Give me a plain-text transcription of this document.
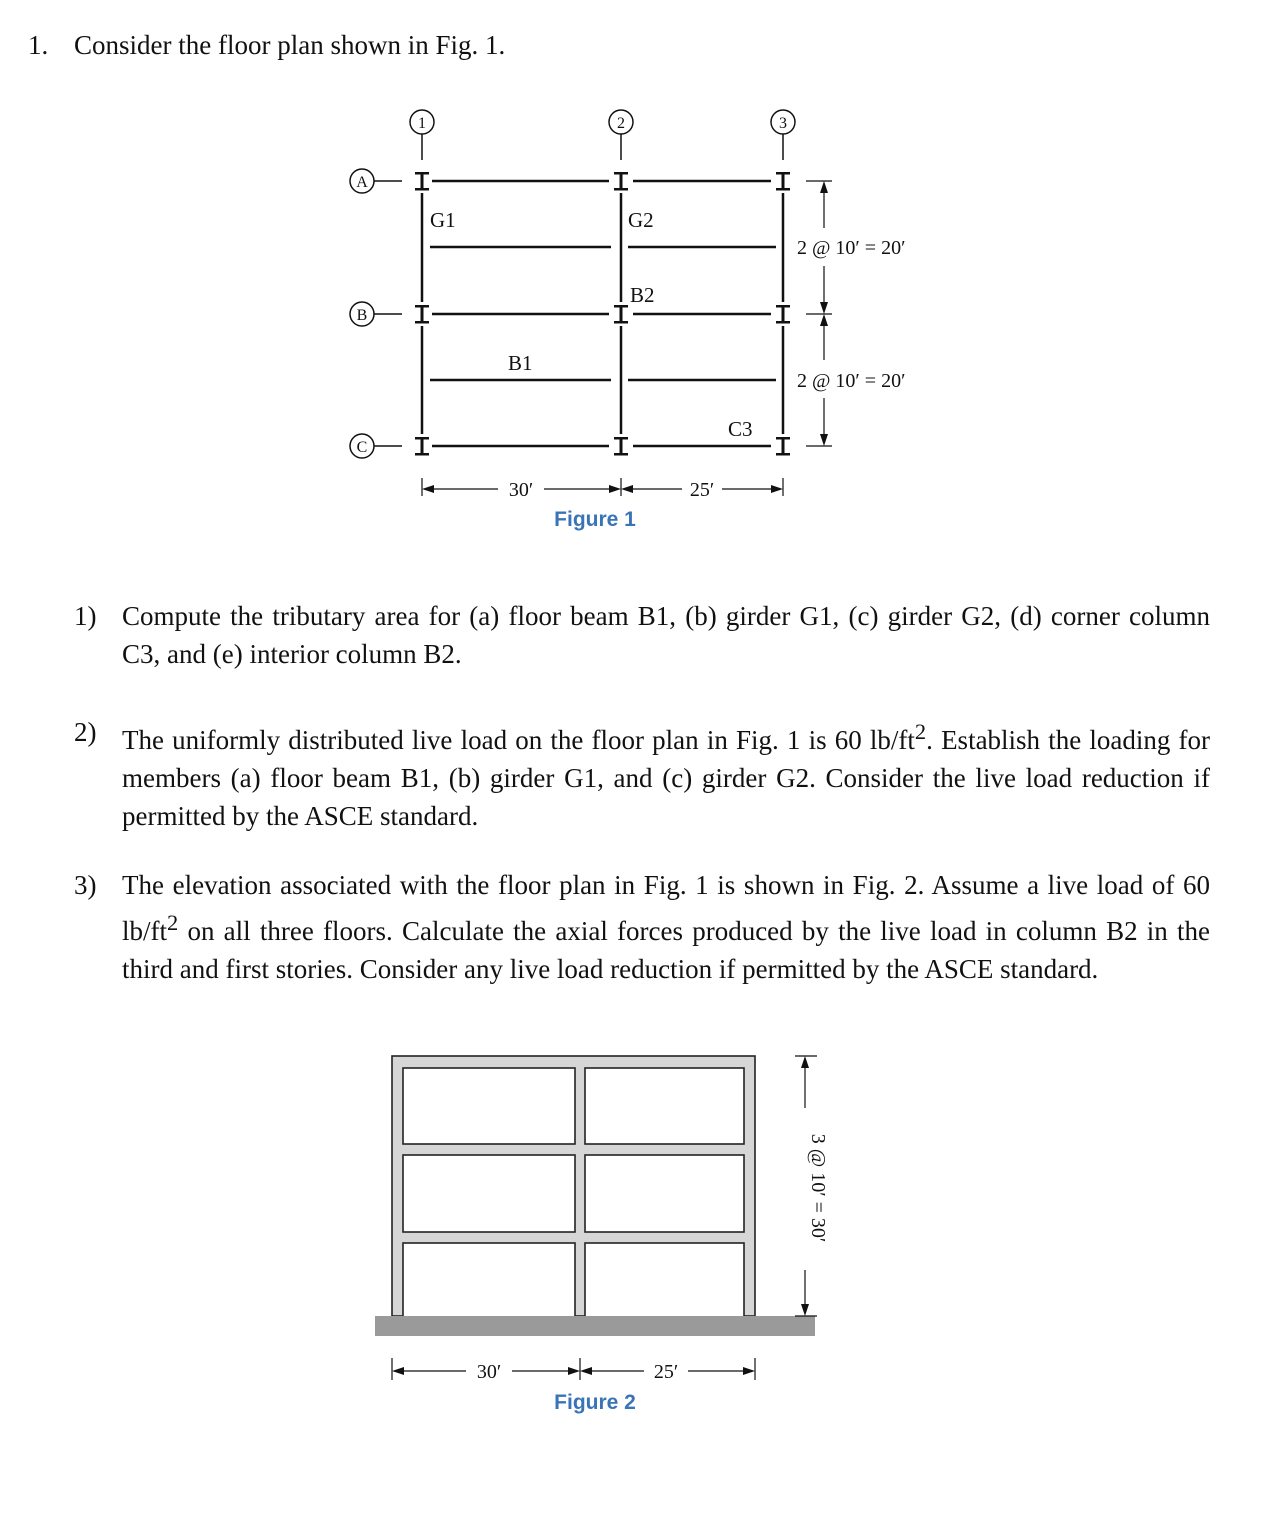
1. Consider the floor plan shown in Fig. 1.
1	2	3
A
B
C
G1	G2
B2
B1
C3
2 @ 10′ = 20′
2 @ 10′ = 20′
30′	25′
Figure 1
1) Compute the tributary area for (a) floor beam B1, (b) girder G1, (c) girder G2, (d) corner column C3, and (e) interior column B2.
2) The uniformly distributed live load on the floor plan in Fig. 1 is 60 $lb/ft^2$. Establish the loading for members (a) floor beam B1, (b) girder G1, and (c) girder G2. Consider the live load reduction if permitted by the ASCE standard.
3) The elevation associated with the floor plan in Fig. 1 is shown in Fig. 2. Assume a live load of 60 $lb/ft^2$ on all three floors. Calculate the axial forces produced by the live load in column B2 in the third and first stories. Consider any live load reduction if permitted by the ASCE standard.
3 @ 10′ = 30′
30′	25′
Figure 2
